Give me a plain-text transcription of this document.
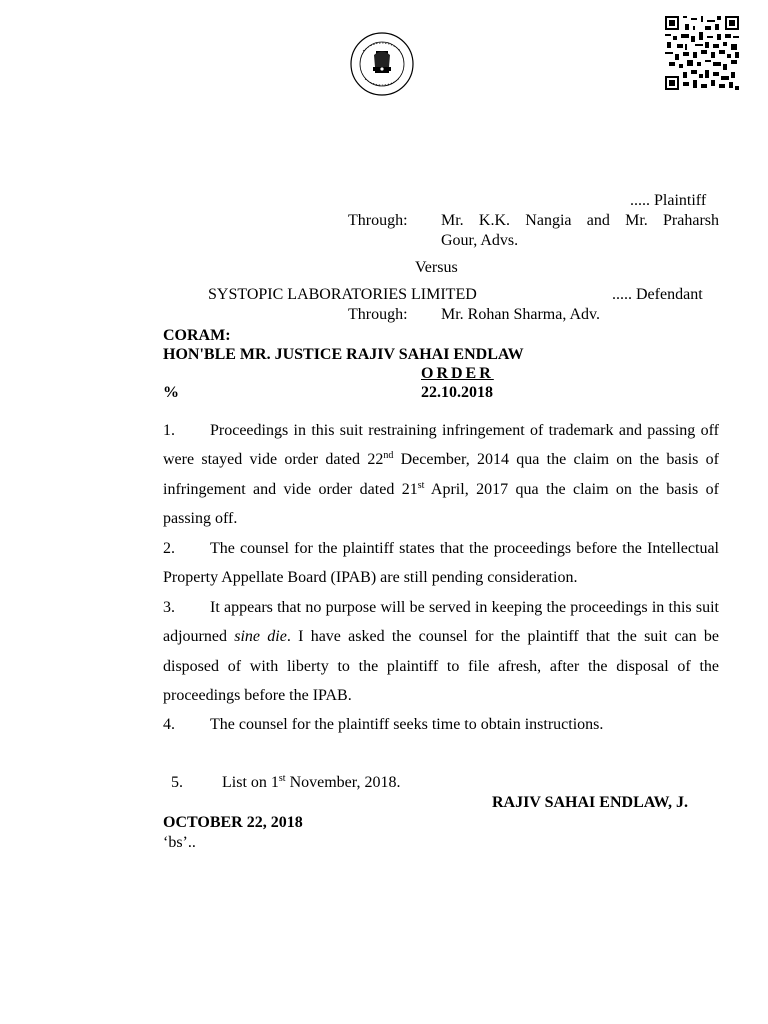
..... Plaintiff
Through: Mr. K.K. Nangia and Mr. Praharsh
Gour, Advs.
Versus
SYSTOPIC LABORATORIES LIMITED	..... Defendant
Through: Mr. Rohan Sharma, Adv.
CORAM:
HON'BLE MR. JUSTICE RAJIV SAHAI ENDLAW
ORDER
%	22.10.2018
1. Proceedings in this suit restraining infringement of trademark and passing off were stayed vide order dated 22nd December, 2014 qua the claim on the basis of infringement and vide order dated 21st April, 2017 qua the claim on the basis of passing off.
2. The counsel for the plaintiff states that the proceedings before the Intellectual Property Appellate Board (IPAB) are still pending consideration.
3. It appears that no purpose will be served in keeping the proceedings in this suit adjourned sine die. I have asked the counsel for the plaintiff that the suit can be disposed of with liberty to the plaintiff to file afresh, after the disposal of the proceedings before the IPAB.
4. The counsel for the plaintiff seeks time to obtain instructions.

5. List on 1st November, 2018.

RAJIV SAHAI ENDLAW, J.
OCTOBER 22, 2018
‘bs’..
